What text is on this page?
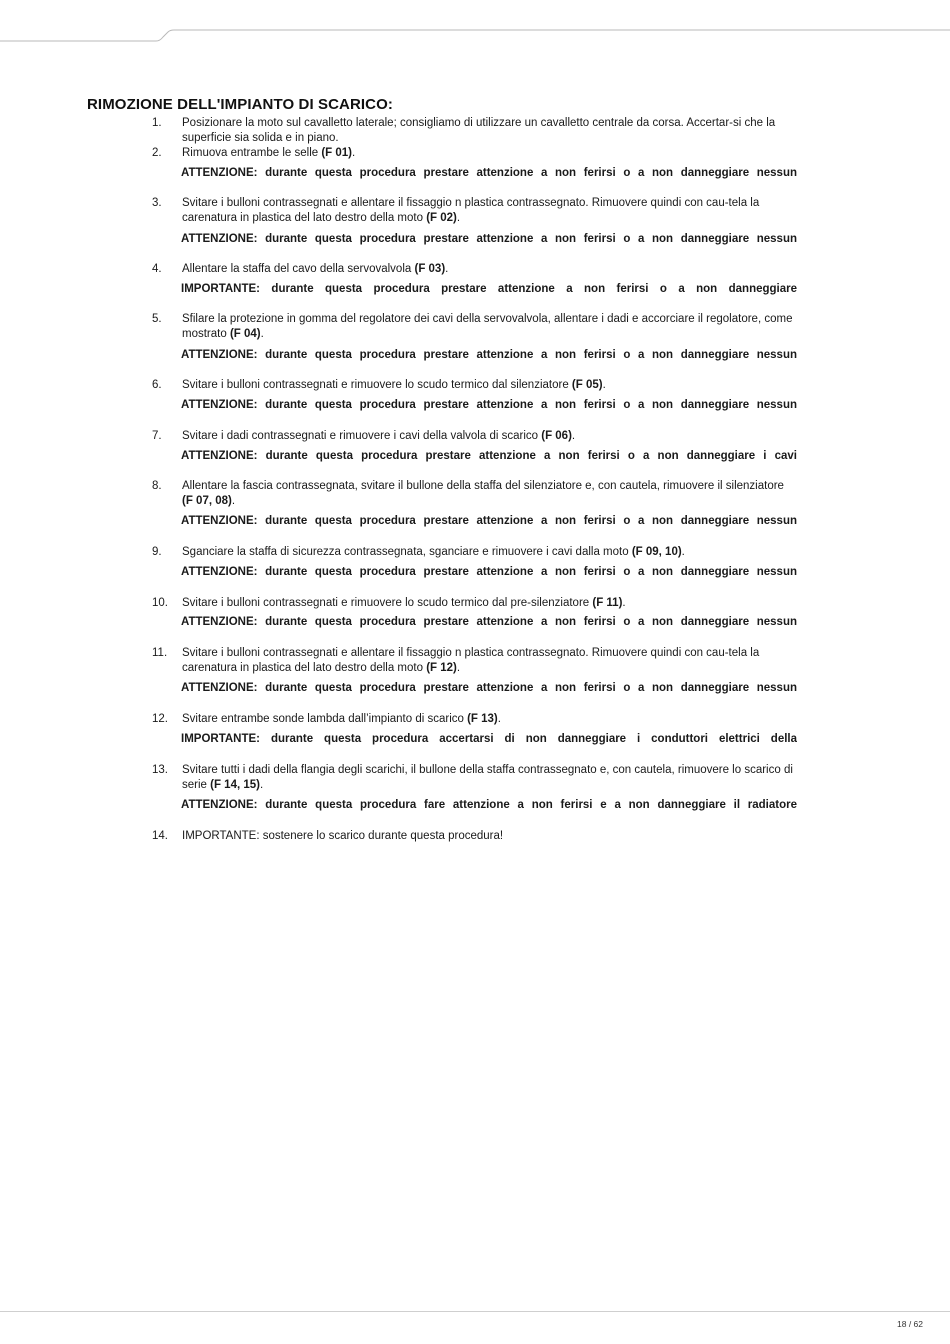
RIMOZIONE DELL'IMPIANTO DI SCARICO:
1. Posizionare la moto sul cavalletto laterale; consigliamo di utilizzare un cavalletto centrale da corsa. Accertar-si che la superficie sia solida e in piano.

2. Rimuova entrambe le selle (F 01).

ATTENZIONE: durante questa procedura prestare attenzione a non ferirsi o a non danneggiare nessun

3. Svitare i bulloni contrassegnati e allentare il fissaggio n plastica contrassegnato. Rimuovere quindi con cau-tela la carenatura in plastica del lato destro della moto (F 02).

ATTENZIONE: durante questa procedura prestare attenzione a non ferirsi o a non danneggiare nessun

4. Allentare la staffa del cavo della servovalvola (F 03).

IMPORTANTE: durante questa procedura prestare attenzione a non ferirsi o a non danneggiare

5. Sfilare la protezione in gomma del regolatore dei cavi della servovalvola, allentare i dadi e accorciare il regolatore, come mostrato (F 04).

ATTENZIONE: durante questa procedura prestare attenzione a non ferirsi o a non danneggiare nessun

6. Svitare i bulloni contrassegnati e rimuovere lo scudo termico dal silenziatore (F 05).

ATTENZIONE: durante questa procedura prestare attenzione a non ferirsi o a non danneggiare nessun

7. Svitare i dadi contrassegnati e rimuovere i cavi della valvola di scarico (F 06).

ATTENZIONE: durante questa procedura prestare attenzione a non ferirsi o a non danneggiare i cavi

8. Allentare la fascia contrassegnata, svitare il bullone della staffa del silenziatore e, con cautela, rimuovere il silenziatore (F 07, 08).

ATTENZIONE: durante questa procedura prestare attenzione a non ferirsi o a non danneggiare nessun

9. Sganciare la staffa di sicurezza contrassegnata, sganciare e rimuovere i cavi dalla moto (F 09, 10).

ATTENZIONE: durante questa procedura prestare attenzione a non ferirsi o a non danneggiare nessun

10. Svitare i bulloni contrassegnati e rimuovere lo scudo termico dal pre-silenziatore (F 11).

ATTENZIONE: durante questa procedura prestare attenzione a non ferirsi o a non danneggiare nessun

11. Svitare i bulloni contrassegnati e allentare il fissaggio n plastica contrassegnato. Rimuovere quindi con cau-tela la carenatura in plastica del lato destro della moto (F 12).

ATTENZIONE: durante questa procedura prestare attenzione a non ferirsi o a non danneggiare nessun

12. Svitare entrambe sonde lambda dall’impianto di scarico (F 13).

IMPORTANTE: durante questa procedura accertarsi di non danneggiare i conduttori elettrici della

13. Svitare tutti i dadi della flangia degli scarichi, il bullone della staffa contrassegnato e, con cautela, rimuovere lo scarico di serie (F 14, 15).

ATTENZIONE: durante questa procedura fare attenzione a non ferirsi e a non danneggiare il radiatore

14. IMPORTANTE: sostenere lo scarico durante questa procedura!

18 / 62
